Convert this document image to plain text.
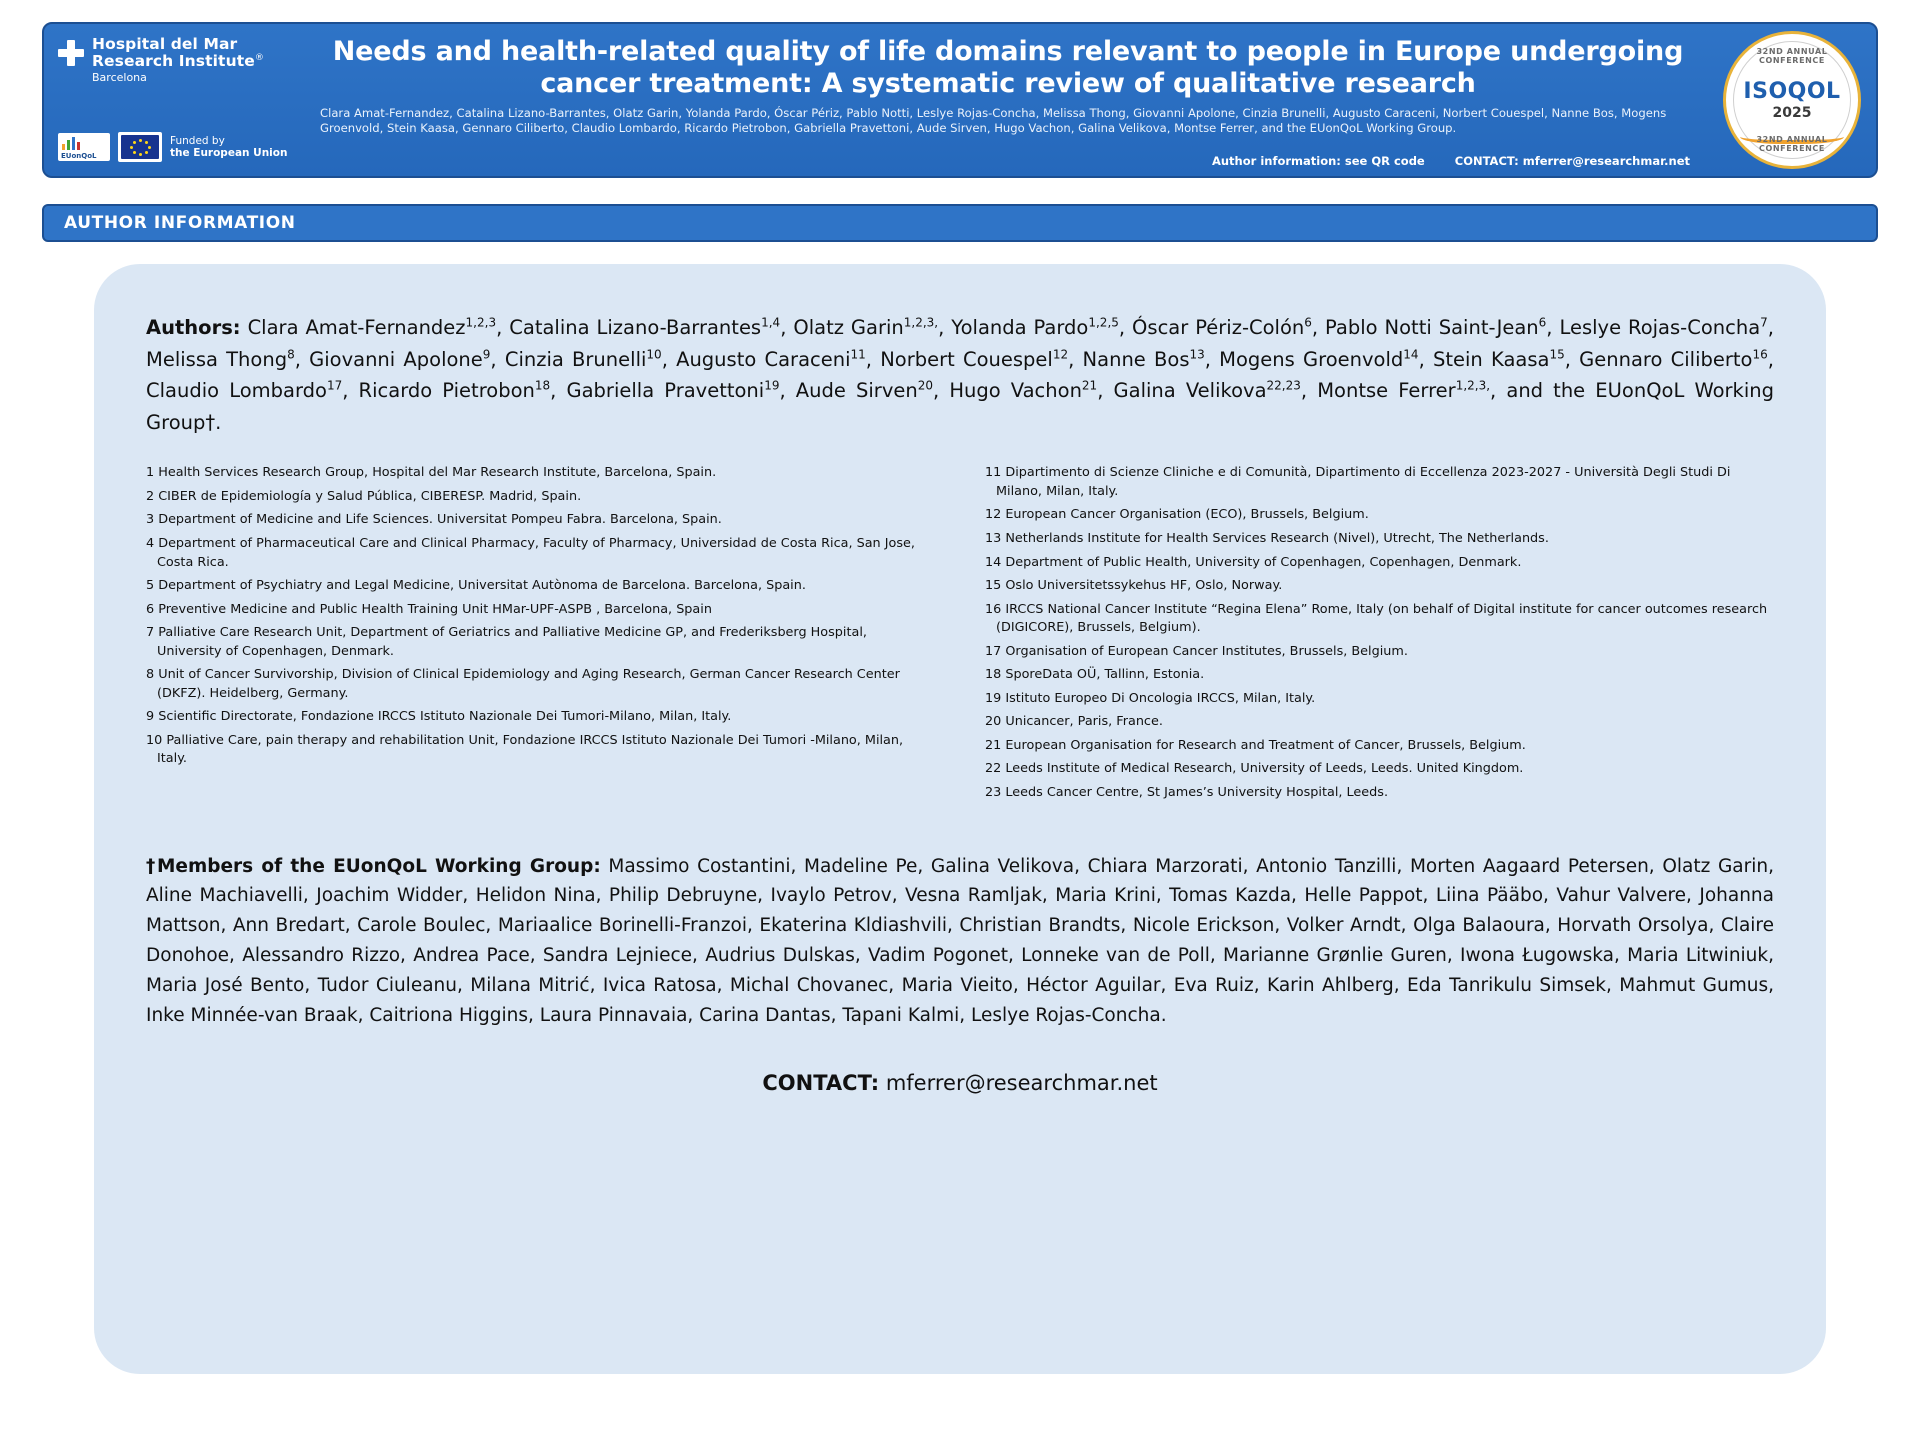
Hospital del Mar
Research Institute®
Barcelona
EUonQoL
Funded by
the European Union
Needs and health-related quality of life domains relevant to people in Europe undergoing cancer treatment: A systematic review of qualitative research
Clara Amat-Fernandez, Catalina Lizano-Barrantes, Olatz Garin, Yolanda Pardo, Óscar Périz, Pablo Notti, Leslye Rojas-Concha, Melissa Thong, Giovanni Apolone, Cinzia Brunelli, Augusto Caraceni, Norbert Couespel, Nanne Bos, Mogens Groenvold, Stein Kaasa, Gennaro Ciliberto, Claudio Lombardo, Ricardo Pietrobon, Gabriella Pravettoni, Aude Sirven, Hugo Vachon, Galina Velikova, Montse Ferrer, and the EUonQoL Working Group.
Author information: see QR code	CONTACT: mferrer@researchmar.net
32ND ANNUAL CONFERENCE
ISOQOL
2025
32ND ANNUAL CONFERENCE
AUTHOR INFORMATION
Authors: Clara Amat-Fernandez$^{1,2,3}$, Catalina Lizano-Barrantes$^{1,4}$, Olatz Garin$^{1,2,3,}$, Yolanda Pardo$^{1,2,5}$, Óscar Périz-Colón$^6$, Pablo Notti Saint-Jean$^6$, Leslye Rojas-Concha$^7$, Melissa Thong$^8$, Giovanni Apolone$^9$, Cinzia Brunelli$^{10}$, Augusto Caraceni$^{11}$, Norbert Couespel$^{12}$, Nanne Bos$^{13}$, Mogens Groenvold$^{14}$, Stein Kaasa$^{15}$, Gennaro Ciliberto$^{16}$, Claudio Lombardo$^{17}$, Ricardo Pietrobon$^{18}$, Gabriella Pravettoni$^{19}$, Aude Sirven$^{20}$, Hugo Vachon$^{21}$, Galina Velikova$^{22,23}$, Montse Ferrer$^{1,2,3,}$, and the EUonQoL Working Group†.
1 Health Services Research Group, Hospital del Mar Research Institute, Barcelona, Spain.
2 CIBER de Epidemiología y Salud Pública, CIBERESP. Madrid, Spain.
3 Department of Medicine and Life Sciences. Universitat Pompeu Fabra. Barcelona, Spain.
4 Department of Pharmaceutical Care and Clinical Pharmacy, Faculty of Pharmacy, Universidad de Costa Rica, San Jose, Costa Rica.
5 Department of Psychiatry and Legal Medicine, Universitat Autònoma de Barcelona. Barcelona, Spain.
6 Preventive Medicine and Public Health Training Unit HMar-UPF-ASPB , Barcelona, Spain
7 Palliative Care Research Unit, Department of Geriatrics and Palliative Medicine GP, and Frederiksberg Hospital, University of Copenhagen, Denmark.
8 Unit of Cancer Survivorship, Division of Clinical Epidemiology and Aging Research, German Cancer Research Center (DKFZ). Heidelberg, Germany.
9 Scientific Directorate, Fondazione IRCCS Istituto Nazionale Dei Tumori-Milano, Milan, Italy.
10 Palliative Care, pain therapy and rehabilitation Unit, Fondazione IRCCS Istituto Nazionale Dei Tumori -Milano, Milan, Italy.
11 Dipartimento di Scienze Cliniche e di Comunità, Dipartimento di Eccellenza 2023-2027 - Università Degli Studi Di Milano, Milan, Italy.
12 European Cancer Organisation (ECO), Brussels, Belgium.
13 Netherlands Institute for Health Services Research (Nivel), Utrecht, The Netherlands.
14 Department of Public Health, University of Copenhagen, Copenhagen, Denmark.
15 Oslo Universitetssykehus HF, Oslo, Norway.
16 IRCCS National Cancer Institute “Regina Elena” Rome, Italy (on behalf of Digital institute for cancer outcomes research (DIGICORE), Brussels, Belgium).
17 Organisation of European Cancer Institutes, Brussels, Belgium.
18 SporeData OÜ, Tallinn, Estonia.
19 Istituto Europeo Di Oncologia IRCCS, Milan, Italy.
20 Unicancer, Paris, France.
21 European Organisation for Research and Treatment of Cancer, Brussels, Belgium.
22 Leeds Institute of Medical Research, University of Leeds, Leeds. United Kingdom.
23 Leeds Cancer Centre, St James’s University Hospital, Leeds.
†Members of the EUonQoL Working Group: Massimo Costantini, Madeline Pe, Galina Velikova, Chiara Marzorati, Antonio Tanzilli, Morten Aagaard Petersen, Olatz Garin, Aline Machiavelli, Joachim Widder, Helidon Nina, Philip Debruyne, Ivaylo Petrov, Vesna Ramljak, Maria Krini, Tomas Kazda, Helle Pappot, Liina Pääbo, Vahur Valvere, Johanna Mattson, Ann Bredart, Carole Boulec, Mariaalice Borinelli-Franzoi, Ekaterina Kldiashvili, Christian Brandts, Nicole Erickson, Volker Arndt, Olga Balaoura, Horvath Orsolya, Claire Donohoe, Alessandro Rizzo, Andrea Pace, Sandra Lejniece, Audrius Dulskas, Vadim Pogonet, Lonneke van de Poll, Marianne Grønlie Guren, Iwona Ługowska, Maria Litwiniuk, Maria José Bento, Tudor Ciuleanu, Milana Mitrić, Ivica Ratosa, Michal Chovanec, Maria Vieito, Héctor Aguilar, Eva Ruiz, Karin Ahlberg, Eda Tanrikulu Simsek, Mahmut Gumus, Inke Minnée-van Braak, Caitriona Higgins, Laura Pinnavaia, Carina Dantas, Tapani Kalmi, Leslye Rojas-Concha.
CONTACT: mferrer@researchmar.net
